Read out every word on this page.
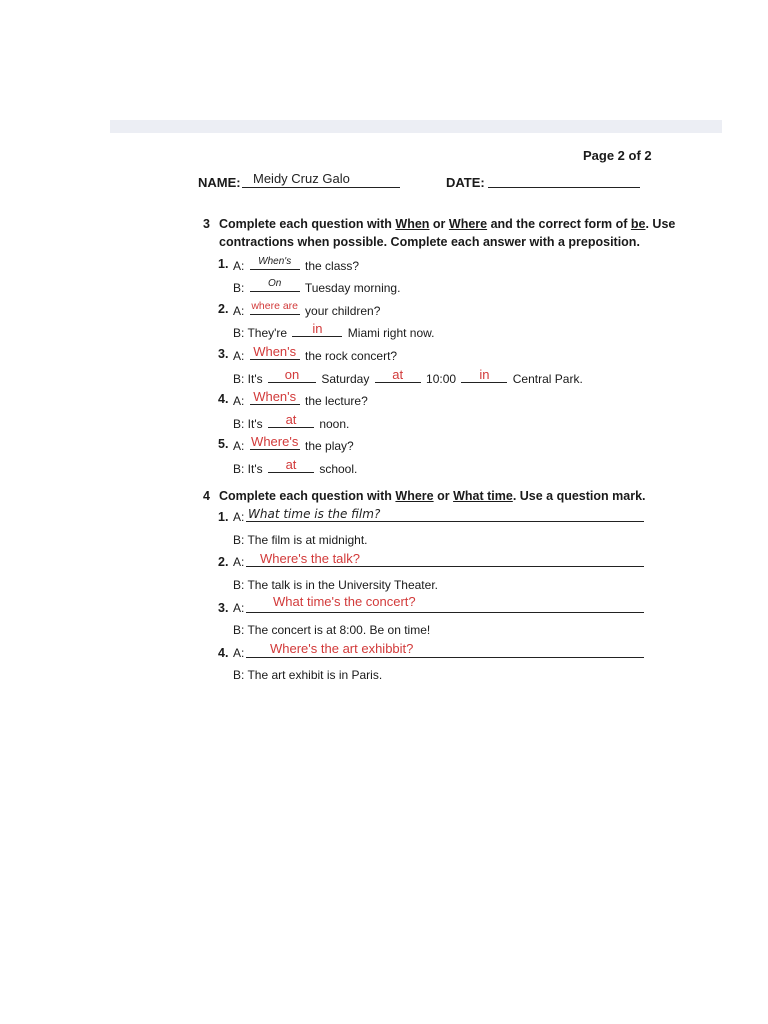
Page 2 of 2
NAME: Meidy Cruz Galo	DATE:
3 Complete each question with When or Where and the correct form of be. Use
contractions when possible. Complete each answer with a preposition.
1. A:	When's	the class?
B:	On	Tuesday morning.
2. A: where are your children?
B: They're	in	Miami right now.
3. A: When's the rock concert?
B: It's	on	Saturday	at	10:00	in	Central Park.
4. A: When's the lecture?
B: It's	at	noon.
5. A: Where's the play?
B: It's	at	school.
4 Complete each question with Where or What time. Use a question mark.
1. A: What time is the film?
B: The film is at midnight.
2. A: Where's the talk?
B: The talk is in the University Theater.
3. A: What time's the concert?
B: The concert is at 8:00. Be on time!
4. A: Where's the art exhibbit?
B: The art exhibit is in Paris.
